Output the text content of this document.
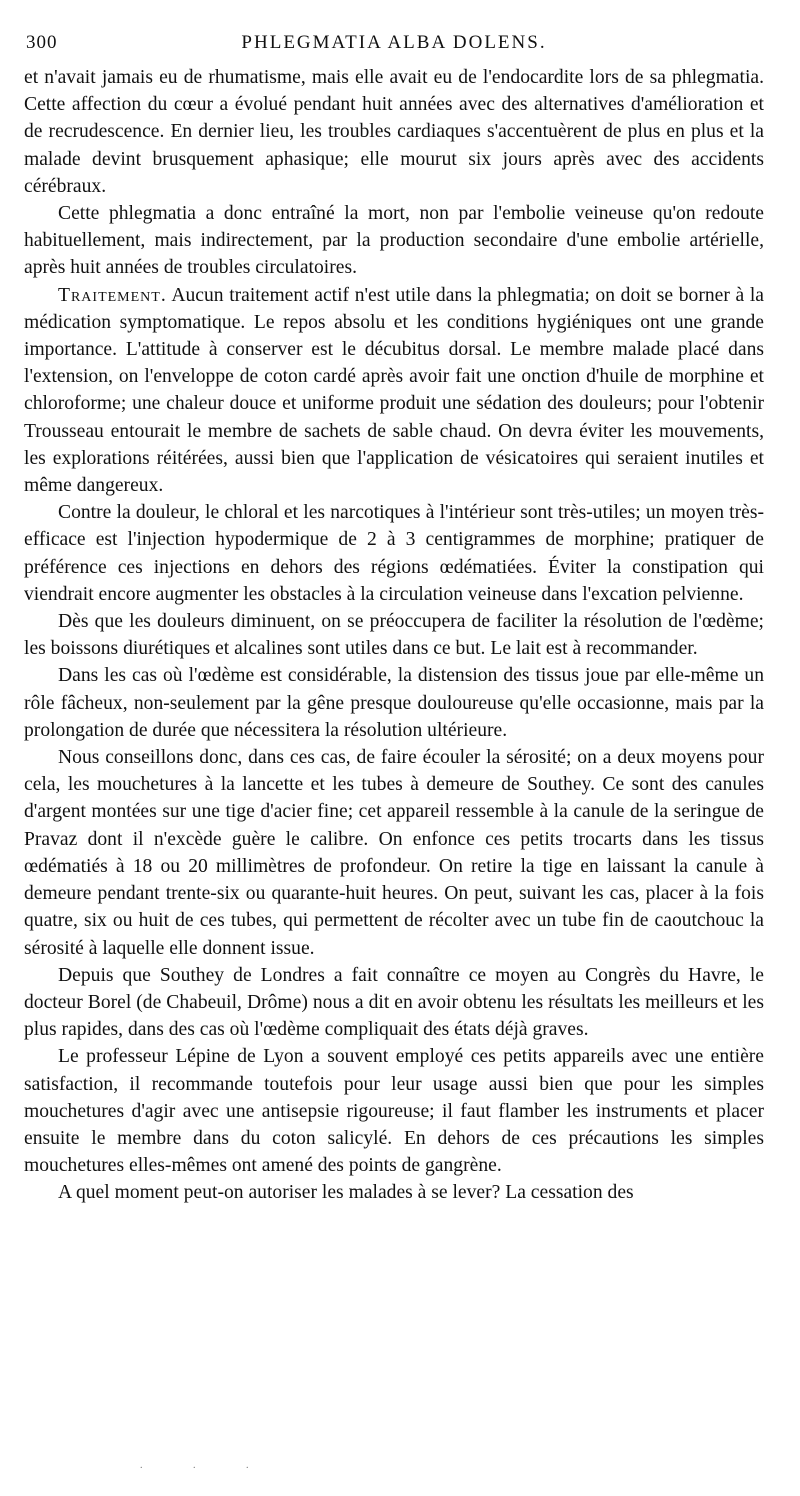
300	PHLEGMATIA ALBA DOLENS.

et n'avait jamais eu de rhumatisme, mais elle avait eu de l'endocardite lors de sa phlegmatia. Cette affection du cœur a évolué pendant huit années avec des alternatives d'amélioration et de recrudescence. En dernier lieu, les troubles cardiaques s'accentuèrent de plus en plus et la malade devint brusquement aphasique; elle mourut six jours après avec des accidents cérébraux.

Cette phlegmatia a donc entraîné la mort, non par l'embolie veineuse qu'on redoute habituellement, mais indirectement, par la production secondaire d'une embolie artérielle, après huit années de troubles circulatoires.

Traitement. Aucun traitement actif n'est utile dans la phlegmatia; on doit se borner à la médication symptomatique. Le repos absolu et les conditions hygiéniques ont une grande importance. L'attitude à conserver est le décubitus dorsal. Le membre malade placé dans l'extension, on l'enveloppe de coton cardé après avoir fait une onction d'huile de morphine et chloroforme; une chaleur douce et uniforme produit une sédation des douleurs; pour l'obtenir Trousseau entourait le membre de sachets de sable chaud. On devra éviter les mouvements, les explorations réitérées, aussi bien que l'application de vésicatoires qui seraient inutiles et même dangereux.

Contre la douleur, le chloral et les narcotiques à l'intérieur sont très-utiles; un moyen très-efficace est l'injection hypodermique de 2 à 3 centigrammes de morphine; pratiquer de préférence ces injections en dehors des régions œdématiées. Éviter la constipation qui viendrait encore augmenter les obstacles à la circulation veineuse dans l'excation pelvienne.

Dès que les douleurs diminuent, on se préoccupera de faciliter la résolution de l'œdème; les boissons diurétiques et alcalines sont utiles dans ce but. Le lait est à recommander.

Dans les cas où l'œdème est considérable, la distension des tissus joue par elle-même un rôle fâcheux, non-seulement par la gêne presque douloureuse qu'elle occasionne, mais par la prolongation de durée que nécessitera la résolution ultérieure.

Nous conseillons donc, dans ces cas, de faire écouler la sérosité; on a deux moyens pour cela, les mouchetures à la lancette et les tubes à demeure de Southey. Ce sont des canules d'argent montées sur une tige d'acier fine; cet appareil ressemble à la canule de la seringue de Pravaz dont il n'excède guère le calibre. On enfonce ces petits trocarts dans les tissus œdématiés à 18 ou 20 millimètres de profondeur. On retire la tige en laissant la canule à demeure pendant trente-six ou quarante-huit heures. On peut, suivant les cas, placer à la fois quatre, six ou huit de ces tubes, qui permettent de récolter avec un tube fin de caoutchouc la sérosité à laquelle elle donnent issue.

Depuis que Southey de Londres a fait connaître ce moyen au Congrès du Havre, le docteur Borel (de Chabeuil, Drôme) nous a dit en avoir obtenu les résultats les meilleurs et les plus rapides, dans des cas où l'œdème compliquait des états déjà graves.

Le professeur Lépine de Lyon a souvent employé ces petits appareils avec une entière satisfaction, il recommande toutefois pour leur usage aussi bien que pour les simples mouchetures d'agir avec une antisepsie rigoureuse; il faut flamber les instruments et placer ensuite le membre dans du coton salicylé. En dehors de ces précautions les simples mouchetures elles-mêmes ont amené des points de gangrène.

A quel moment peut-on autoriser les malades à se lever? La cessation des

. . .
